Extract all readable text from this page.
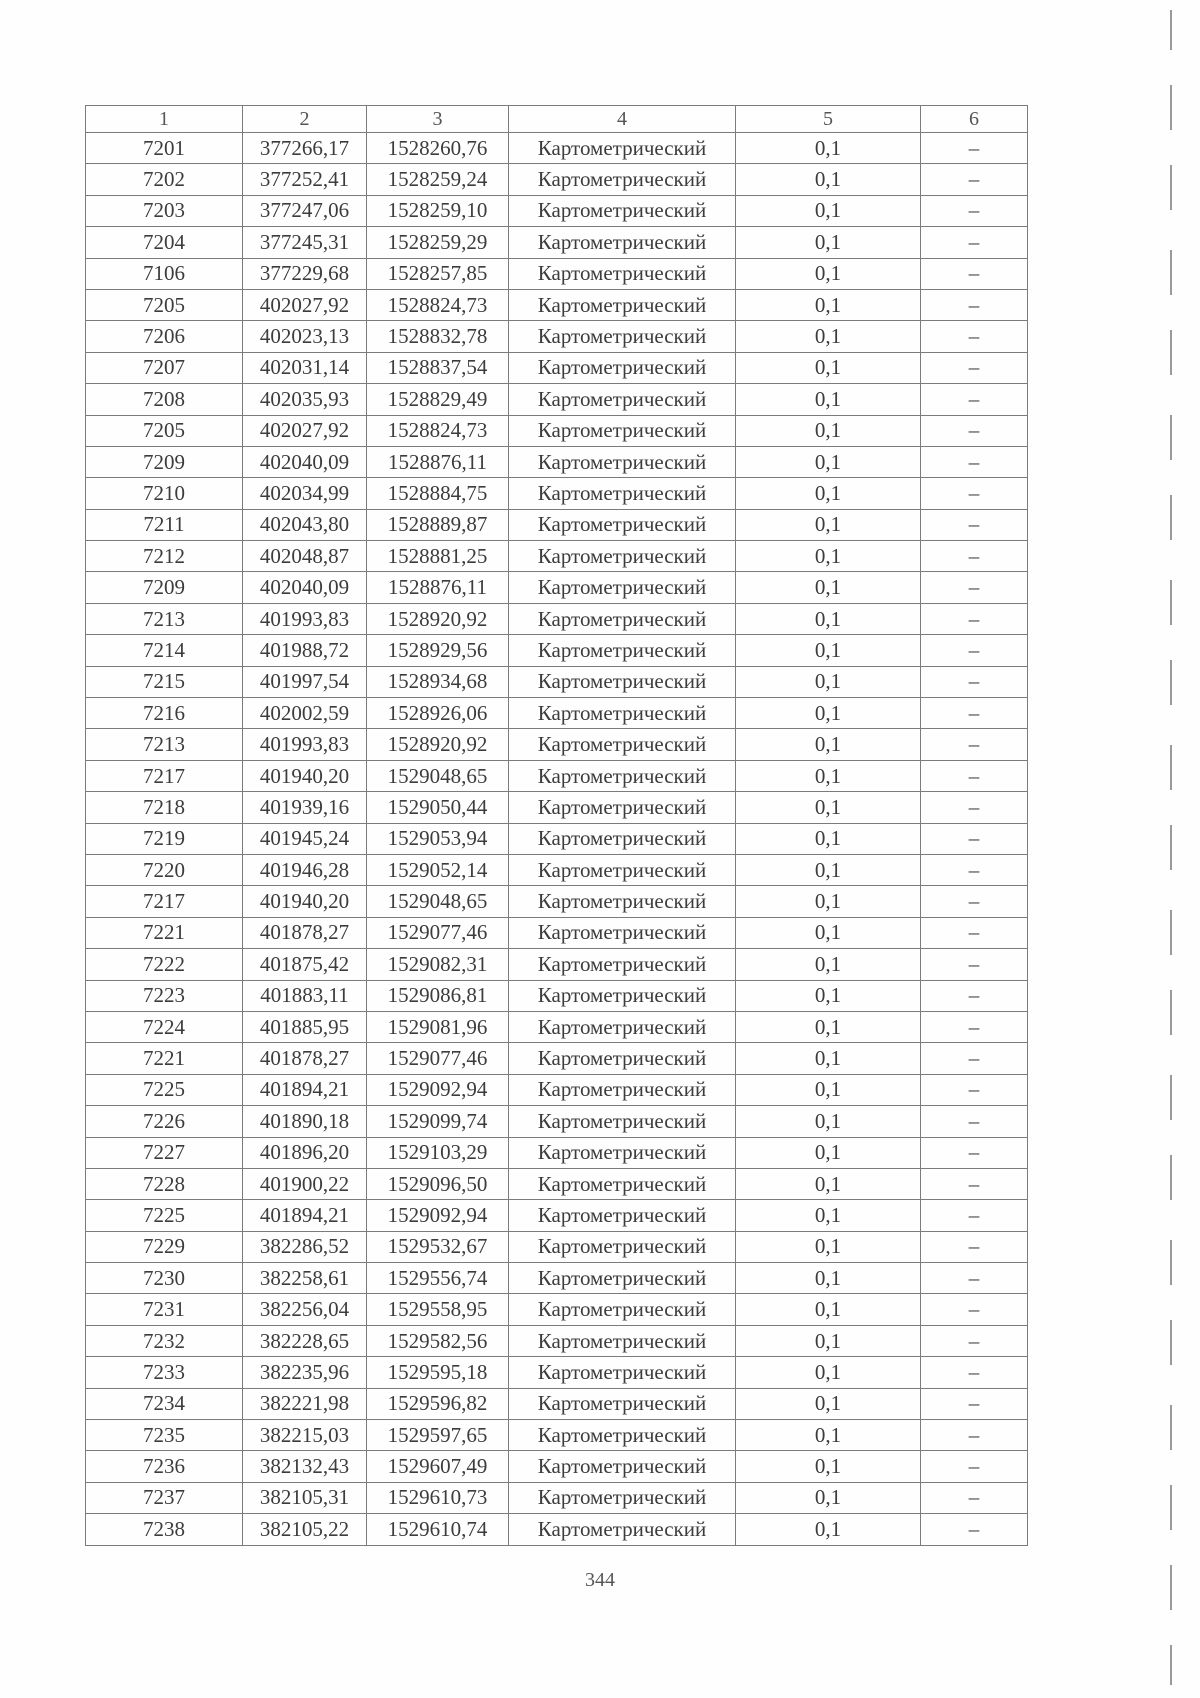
1	2	3	4	5	6
7201	377266,17	1528260,76	Картометрический	0,1	–
7202	377252,41	1528259,24	Картометрический	0,1	–
7203	377247,06	1528259,10	Картометрический	0,1	–
7204	377245,31	1528259,29	Картометрический	0,1	–
7106	377229,68	1528257,85	Картометрический	0,1	–
7205	402027,92	1528824,73	Картометрический	0,1	–
7206	402023,13	1528832,78	Картометрический	0,1	–
7207	402031,14	1528837,54	Картометрический	0,1	–
7208	402035,93	1528829,49	Картометрический	0,1	–
7205	402027,92	1528824,73	Картометрический	0,1	–
7209	402040,09	1528876,11	Картометрический	0,1	–
7210	402034,99	1528884,75	Картометрический	0,1	–
7211	402043,80	1528889,87	Картометрический	0,1	–
7212	402048,87	1528881,25	Картометрический	0,1	–
7209	402040,09	1528876,11	Картометрический	0,1	–
7213	401993,83	1528920,92	Картометрический	0,1	–
7214	401988,72	1528929,56	Картометрический	0,1	–
7215	401997,54	1528934,68	Картометрический	0,1	–
7216	402002,59	1528926,06	Картометрический	0,1	–
7213	401993,83	1528920,92	Картометрический	0,1	–
7217	401940,20	1529048,65	Картометрический	0,1	–
7218	401939,16	1529050,44	Картометрический	0,1	–
7219	401945,24	1529053,94	Картометрический	0,1	–
7220	401946,28	1529052,14	Картометрический	0,1	–
7217	401940,20	1529048,65	Картометрический	0,1	–
7221	401878,27	1529077,46	Картометрический	0,1	–
7222	401875,42	1529082,31	Картометрический	0,1	–
7223	401883,11	1529086,81	Картометрический	0,1	–
7224	401885,95	1529081,96	Картометрический	0,1	–
7221	401878,27	1529077,46	Картометрический	0,1	–
7225	401894,21	1529092,94	Картометрический	0,1	–
7226	401890,18	1529099,74	Картометрический	0,1	–
7227	401896,20	1529103,29	Картометрический	0,1	–
7228	401900,22	1529096,50	Картометрический	0,1	–
7225	401894,21	1529092,94	Картометрический	0,1	–
7229	382286,52	1529532,67	Картометрический	0,1	–
7230	382258,61	1529556,74	Картометрический	0,1	–
7231	382256,04	1529558,95	Картометрический	0,1	–
7232	382228,65	1529582,56	Картометрический	0,1	–
7233	382235,96	1529595,18	Картометрический	0,1	–
7234	382221,98	1529596,82	Картометрический	0,1	–
7235	382215,03	1529597,65	Картометрический	0,1	–
7236	382132,43	1529607,49	Картометрический	0,1	–
7237	382105,31	1529610,73	Картометрический	0,1	–
7238	382105,22	1529610,74	Картометрический	0,1	–
344
